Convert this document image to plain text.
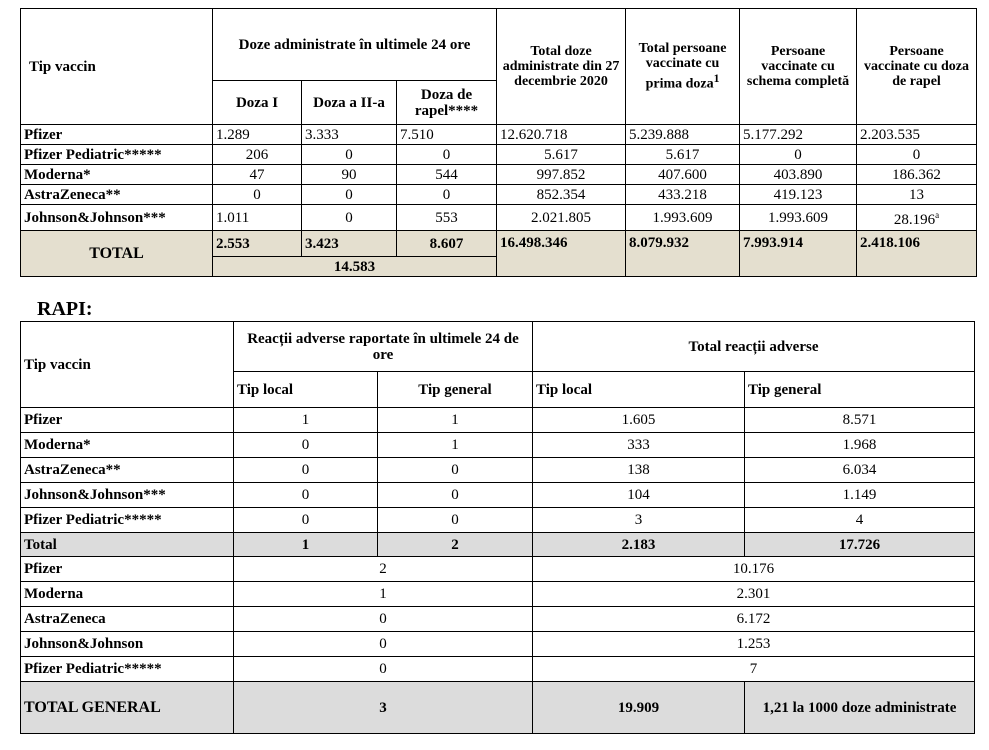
Tip vaccin	Doze administrate în ultimele 24 ore			Total doze administrate din 27 decembrie 2020	Total persoane vaccinate cu prima doza$^1$	Persoane vaccinate cu schema completă	Persoane vaccinate cu doza de rapel
	Doza I	Doza a II-a	Doza de rapel****				
Pfizer	1.289	3.333	7.510	12.620.718	5.239.888	5.177.292	2.203.535
Pfizer Pediatric*****	206	0	0	5.617	5.617	0	0
Moderna*	47	90	544	997.852	407.600	403.890	186.362
AstraZeneca**	0	0	0	852.354	433.218	419.123	13
Johnson&Johnson***	1.011	0	553	2.021.805	1.993.609	1.993.609	28.196$^a$
TOTAL	2.553	3.423	8.607	16.498.346	8.079.932	7.993.914	2.418.106
	14.583						
RAPI:
Tip vaccin	Reacții adverse raportate în ultimele 24 de ore		Total reacții adverse	
	Tip local	Tip general	Tip local	Tip general
Pfizer	1	1	1.605	8.571
Moderna*	0	1	333	1.968
AstraZeneca**	0	0	138	6.034
Johnson&Johnson***	0	0	104	1.149
Pfizer Pediatric*****	0	0	3	4
Total	1	2	2.183	17.726
Pfizer	2		10.176	
Moderna	1		2.301	
AstraZeneca	0		6.172	
Johnson&Johnson	0		1.253	
Pfizer Pediatric*****	0		7	
TOTAL GENERAL	3		19.909	1,21 la 1000 doze administrate
